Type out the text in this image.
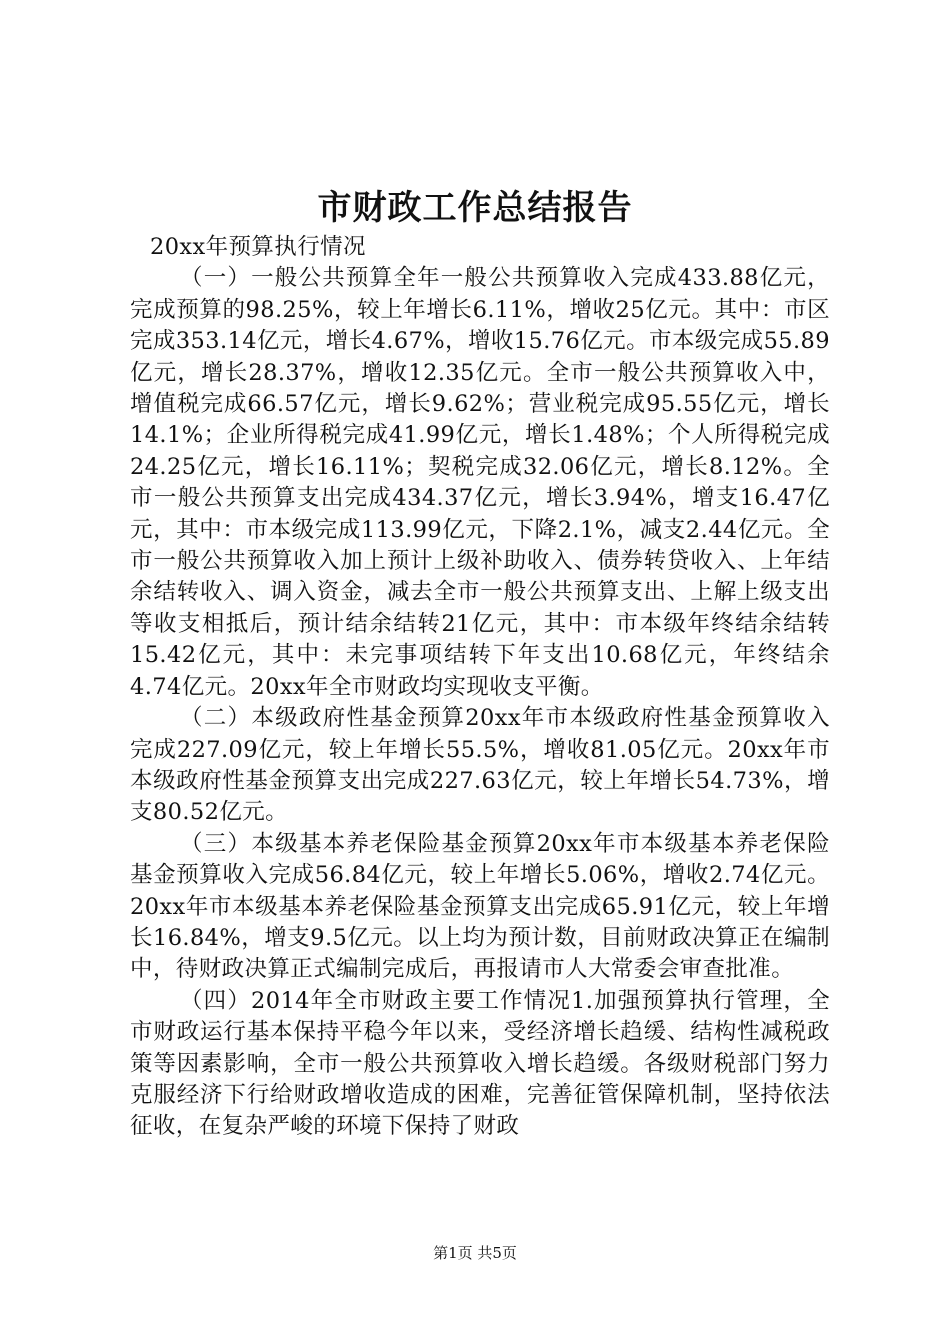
市财政工作总结报告

20xx年预算执行情况

（一）一般公共预算全年一般公共预算收入完成433.88亿元，完成预算的98.25%，较上年增长6.11%，增收25亿元。其中：市区完成353.14亿元，增长4.67%，增收15.76亿元。市本级完成55.89亿元，增长28.37%，增收12.35亿元。全市一般公共预算收入中，增值税完成66.57亿元，增长9.62%；营业税完成95.55亿元，增长14.1%；企业所得税完成41.99亿元，增长1.48%；个人所得税完成24.25亿元，增长16.11%；契税完成32.06亿元，增长8.12%。全市一般公共预算支出完成434.37亿元，增长3.94%，增支16.47亿元，其中：市本级完成113.99亿元，下降2.1%，减支2.44亿元。全市一般公共预算收入加上预计上级补助收入、债券转贷收入、上年结余结转收入、调入资金，减去全市一般公共预算支出、上解上级支出等收支相抵后，预计结余结转21亿元，其中：市本级年终结余结转15.42亿元，其中：未完事项结转下年支出10.68亿元，年终结余4.74亿元。20xx年全市财政均实现收支平衡。

（二）本级政府性基金预算20xx年市本级政府性基金预算收入完成227.09亿元，较上年增长55.5%，增收81.05亿元。20xx年市本级政府性基金预算支出完成227.63亿元，较上年增长54.73%，增支80.52亿元。

（三）本级基本养老保险基金预算20xx年市本级基本养老保险基金预算收入完成56.84亿元，较上年增长5.06%，增收2.74亿元。20xx年市本级基本养老保险基金预算支出完成65.91亿元，较上年增长16.84%，增支9.5亿元。以上均为预计数，目前财政决算正在编制中，待财政决算正式编制完成后，再报请市人大常委会审查批准。

（四）2014年全市财政主要工作情况1.加强预算执行管理，全市财政运行基本保持平稳今年以来，受经济增长趋缓、结构性减税政策等因素影响，全市一般公共预算收入增长趋缓。各级财税部门努力克服经济下行给财政增收造成的困难，完善征管保障机制，坚持依法征收，在复杂严峻的环境下保持了财政

第1页 共5页
